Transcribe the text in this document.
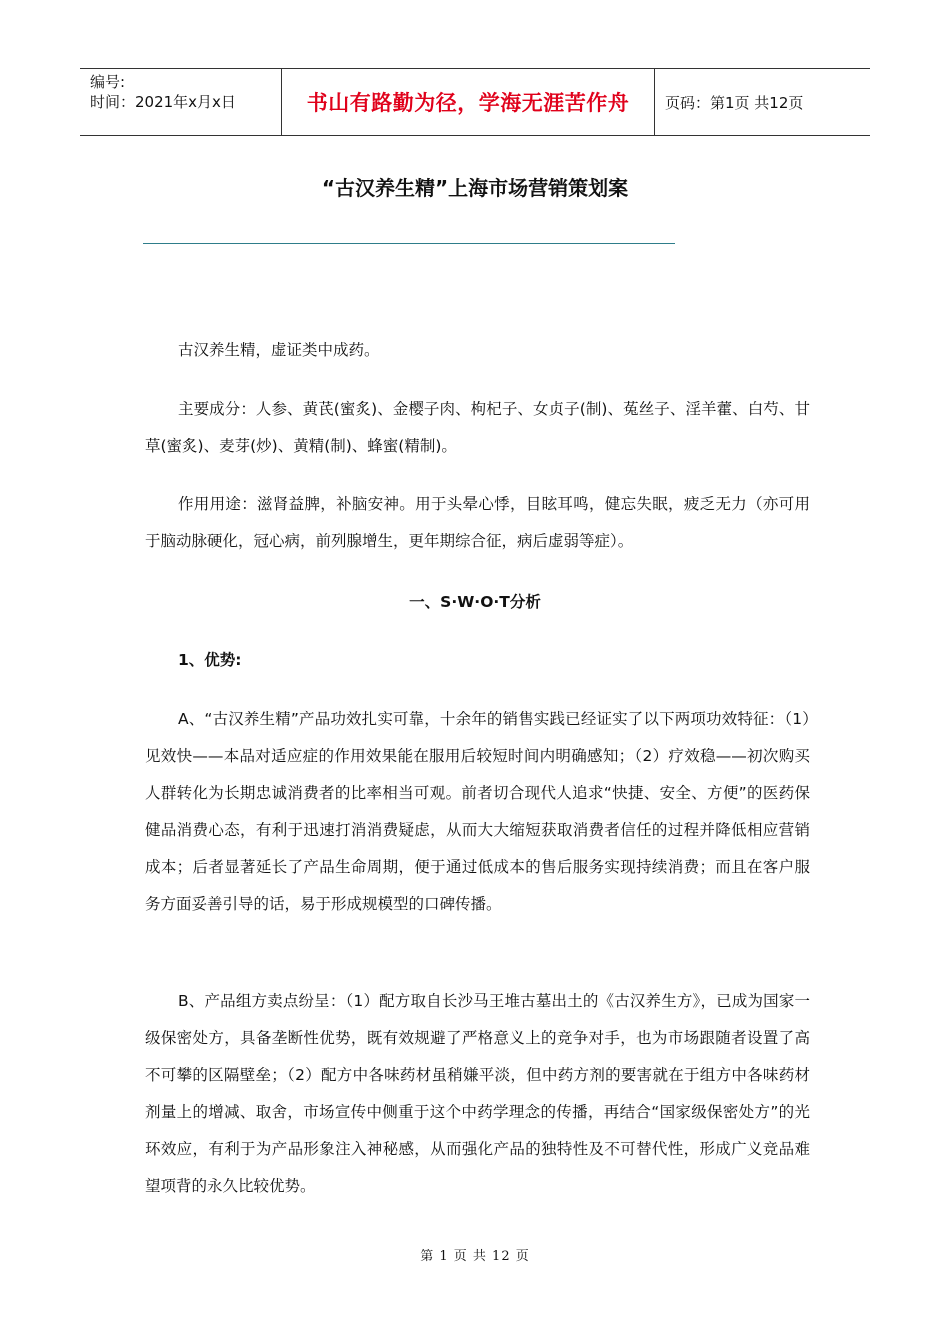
编号:
时间：2021年x月x日	书山有路勤为径，学海无涯苦作舟	页码：第1页 共12页
“古汉养生精”上海市场营销策划案

古汉养生精，虚证类中成药。

主要成分：人参、黄芪(蜜炙)、金樱子肉、枸杞子、女贞子(制)、菟丝子、淫羊藿、白芍、甘草(蜜炙)、麦芽(炒)、黄精(制)、蜂蜜(精制)。

作用用途：滋肾益脾，补脑安神。用于头晕心悸，目眩耳鸣，健忘失眠，疲乏无力（亦可用于脑动脉硬化，冠心病，前列腺增生，更年期综合征，病后虚弱等症）。

一、S·W·O·T分析
1、优势:

A、“古汉养生精”产品功效扎实可靠，十余年的销售实践已经证实了以下两项功效特征：（1）见效快——本品对适应症的作用效果能在服用后较短时间内明确感知；（2）疗效稳——初次购买人群转化为长期忠诚消费者的比率相当可观。前者切合现代人追求“快捷、安全、方便”的医药保健品消费心态，有利于迅速打消消费疑虑，从而大大缩短获取消费者信任的过程并降低相应营销成本；后者显著延长了产品生命周期，便于通过低成本的售后服务实现持续消费；而且在客户服务方面妥善引导的话，易于形成规模型的口碑传播。

B、产品组方卖点纷呈：（1）配方取自长沙马王堆古墓出土的《古汉养生方》，已成为国家一级保密处方，具备垄断性优势，既有效规避了严格意义上的竞争对手，也为市场跟随者设置了高不可攀的区隔壁垒；（2）配方中各味药材虽稍嫌平淡，但中药方剂的要害就在于组方中各味药材剂量上的增减、取舍，市场宣传中侧重于这个中药学理念的传播，再结合“国家级保密处方”的光环效应，有利于为产品形象注入神秘感，从而强化产品的独特性及不可替代性，形成广义竞品难望项背的永久比较优势。

第 1 页 共 12 页
